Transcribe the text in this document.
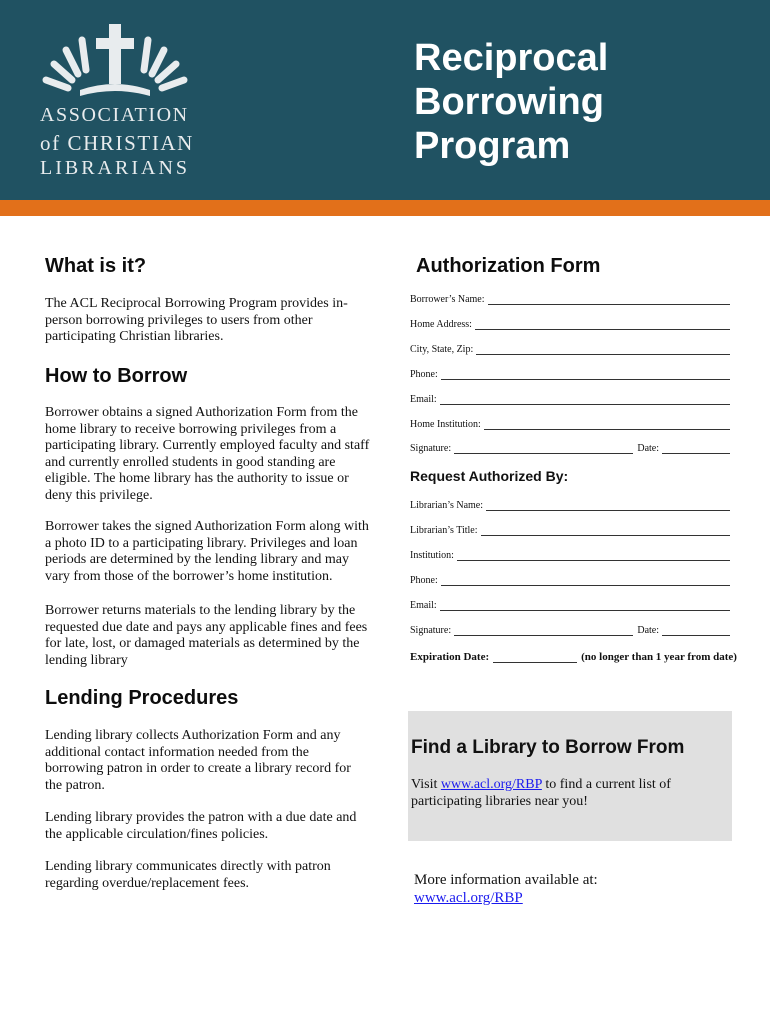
ASSOCIATION
of CHRISTIAN
LIBRARIANS
Reciprocal
Borrowing
Program
What is it?
The ACL Reciprocal Borrowing Program provides in-person borrowing privileges to users from other participating Christian libraries.
How to Borrow
Borrower obtains a signed Authorization Form from the home library to receive borrowing privileges from a participating library. Currently employed faculty and staff and currently enrolled students in good standing are eligible. The home library has the authority to issue or deny this privilege.
Borrower takes the signed Authorization Form along with a photo ID to a participating library. Privileges and loan periods are determined by the lending library and may vary from those of the borrower’s home institution.
Borrower returns materials to the lending library by the requested due date and pays any applicable fines and fees for late, lost, or damaged materials as determined by the lending library
Lending Procedures
Lending library collects Authorization Form and any additional contact information needed from the borrowing patron in order to create a library record for the patron.
Lending library provides the patron with a due date and the applicable circulation/fines policies.
Lending library communicates directly with patron regarding overdue/replacement fees.
Authorization Form
Borrower’s Name:
Home Address:
City, State, Zip:
Phone:
Email:
Home Institution:
Signature:	Date:
Request Authorized By:
Librarian’s Name:
Librarian’s Title:
Institution:
Phone:
Email:
Signature:	Date:
Expiration Date:	(no longer than 1 year from date)
Find a Library to Borrow From
Visit www.acl.org/RBP to find a current list of participating libraries near you!
More information available at:
www.acl.org/RBP
